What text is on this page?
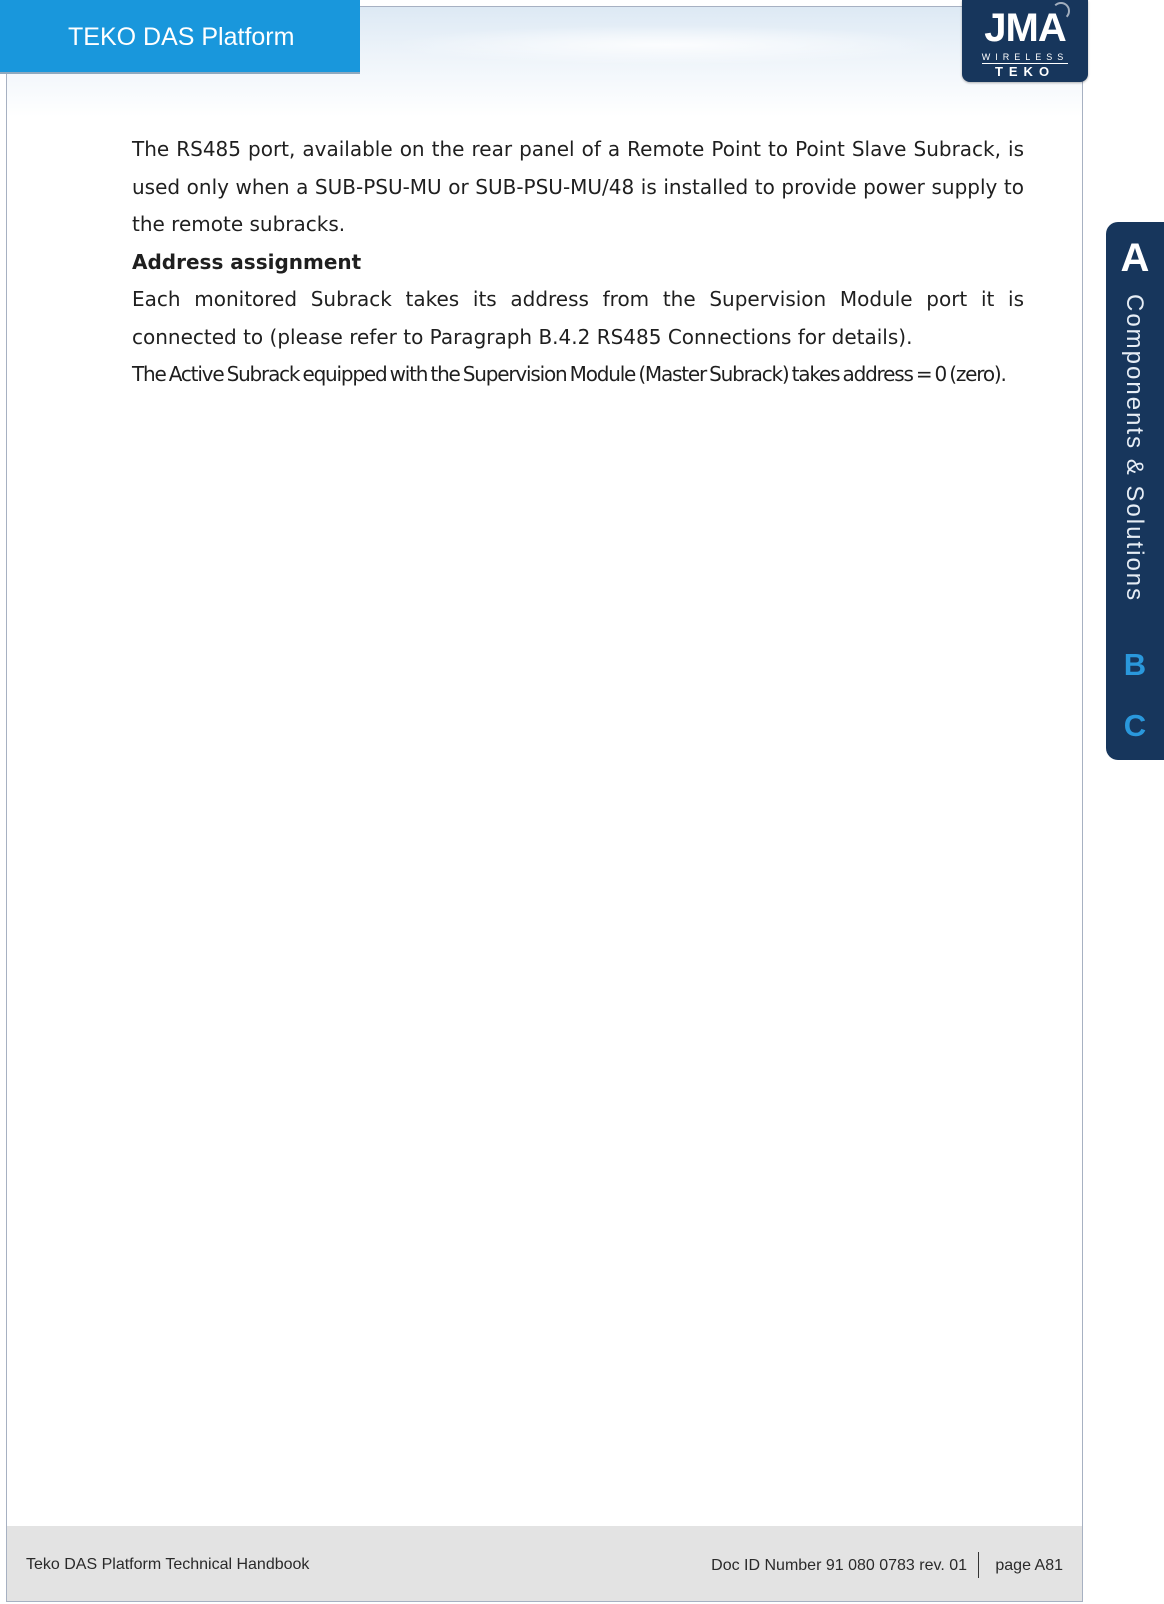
TEKO DAS Platform	JMA
WIRELESS
TEKO

The RS485 port, available on the rear panel of a Remote Point to Point Slave Subrack, is used only when a SUB-PSU-MU or SUB-PSU-MU/48 is installed to provide power supply to the remote subracks.

Address assignment

Each monitored Subrack takes its address from the Supervision Module port it is connected to (please refer to Paragraph B.4.2 RS485 Connections for details).

The Active Subrack equipped with the Supervision Module (Master Subrack) takes address = 0 (zero).

A
Components & Solutions
B
C
Teko DAS Platform Technical Handbook	Doc ID Number 91 080 0783 rev. 01 page A81
